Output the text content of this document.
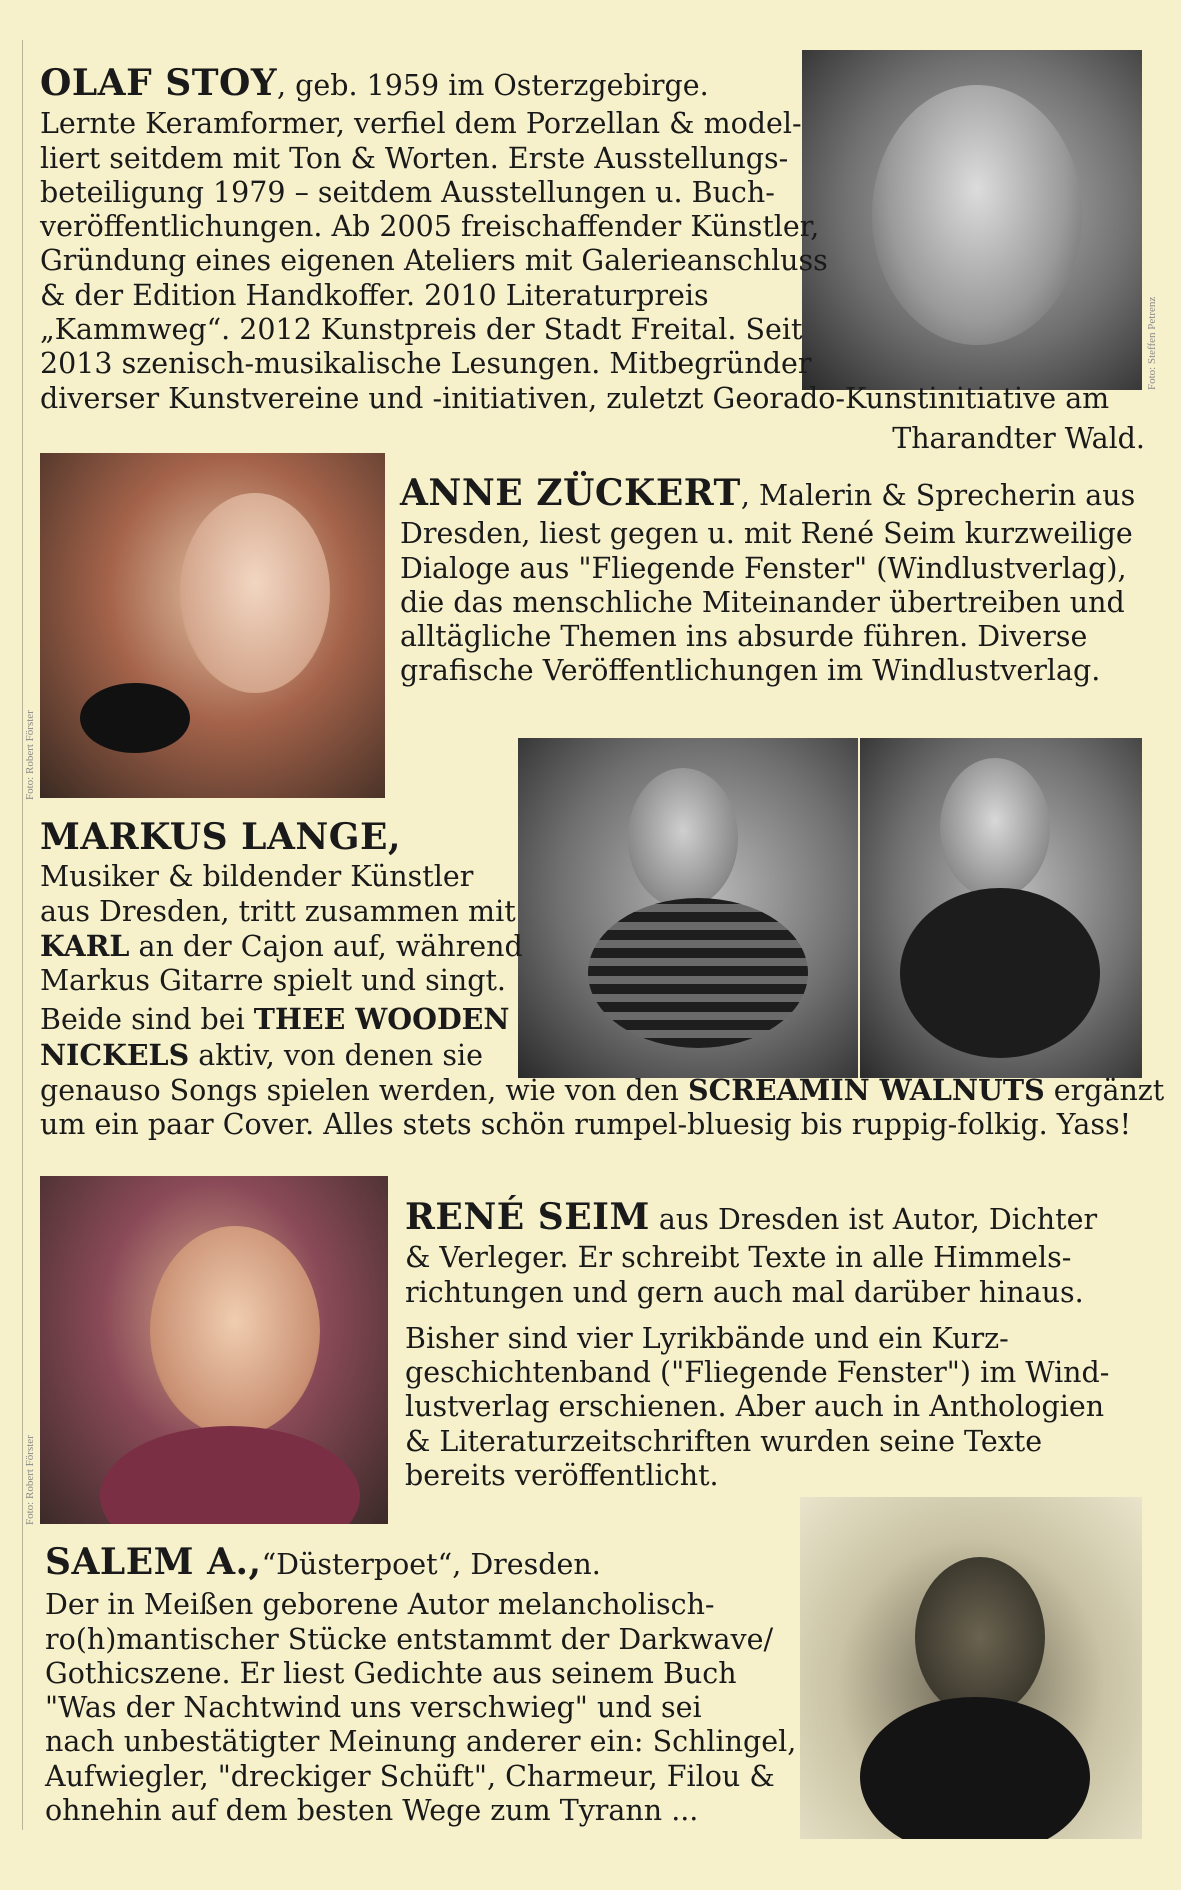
Foto: Steffen Petrenz
OLAF STOY, geb. 1959 im Osterzgebirge.
Lernte Keramformer, verfiel dem Porzellan & model-
liert seitdem mit Ton & Worten. Erste Ausstellungs-
beteiligung 1979 – seitdem Ausstellungen u. Buch-
veröffentlichungen. Ab 2005 freischaffender Künstler,
Gründung eines eigenen Ateliers mit Galerieanschluss
& der Edition Handkoffer. 2010 Literaturpreis
„Kammweg“. 2012 Kunstpreis der Stadt Freital. Seit
2013 szenisch-musikalische Lesungen. Mitbegründer
diverser Kunstvereine und -initiativen, zuletzt Georado-Kunstinitiative am
Tharandter Wald.
Foto: Robert Förster
ANNE ZÜCKERT, Malerin & Sprecherin aus
Dresden, liest gegen u. mit René Seim kurzweilige
Dialoge aus "Fliegende Fenster" (Windlustverlag),
die das menschliche Miteinander übertreiben und
alltägliche Themen ins absurde führen. Diverse
grafische Veröffentlichungen im Windlustverlag.
MARKUS LANGE,
Musiker & bildender Künstler
aus Dresden, tritt zusammen mit
KARL an der Cajon auf, während
Markus Gitarre spielt und singt.
Beide sind bei THEE WOODEN
NICKELS aktiv, von denen sie
genauso Songs spielen werden, wie von den SCREAMIN WALNUTS ergänzt
um ein paar Cover. Alles stets schön rumpel-bluesig bis ruppig-folkig. Yass!
Foto: Robert Förster
RENÉ SEIM aus Dresden ist Autor, Dichter
& Verleger. Er schreibt Texte in alle Himmels-
richtungen und gern auch mal darüber hinaus.
Bisher sind vier Lyrikbände und ein Kurz-
geschichtenband ("Fliegende Fenster") im Wind-
lustverlag erschienen. Aber auch in Anthologien
& Literaturzeitschriften wurden seine Texte
bereits veröffentlicht.
SALEM A.,“Düsterpoet“, Dresden.
Der in Meißen geborene Autor melancholisch-
ro(h)mantischer Stücke entstammt der Darkwave/
Gothicszene. Er liest Gedichte aus seinem Buch
"Was der Nachtwind uns verschwieg" und sei
nach unbestätigter Meinung anderer ein: Schlingel,
Aufwiegler, "dreckiger Schüft", Charmeur, Filou &
ohnehin auf dem besten Wege zum Tyrann ...
